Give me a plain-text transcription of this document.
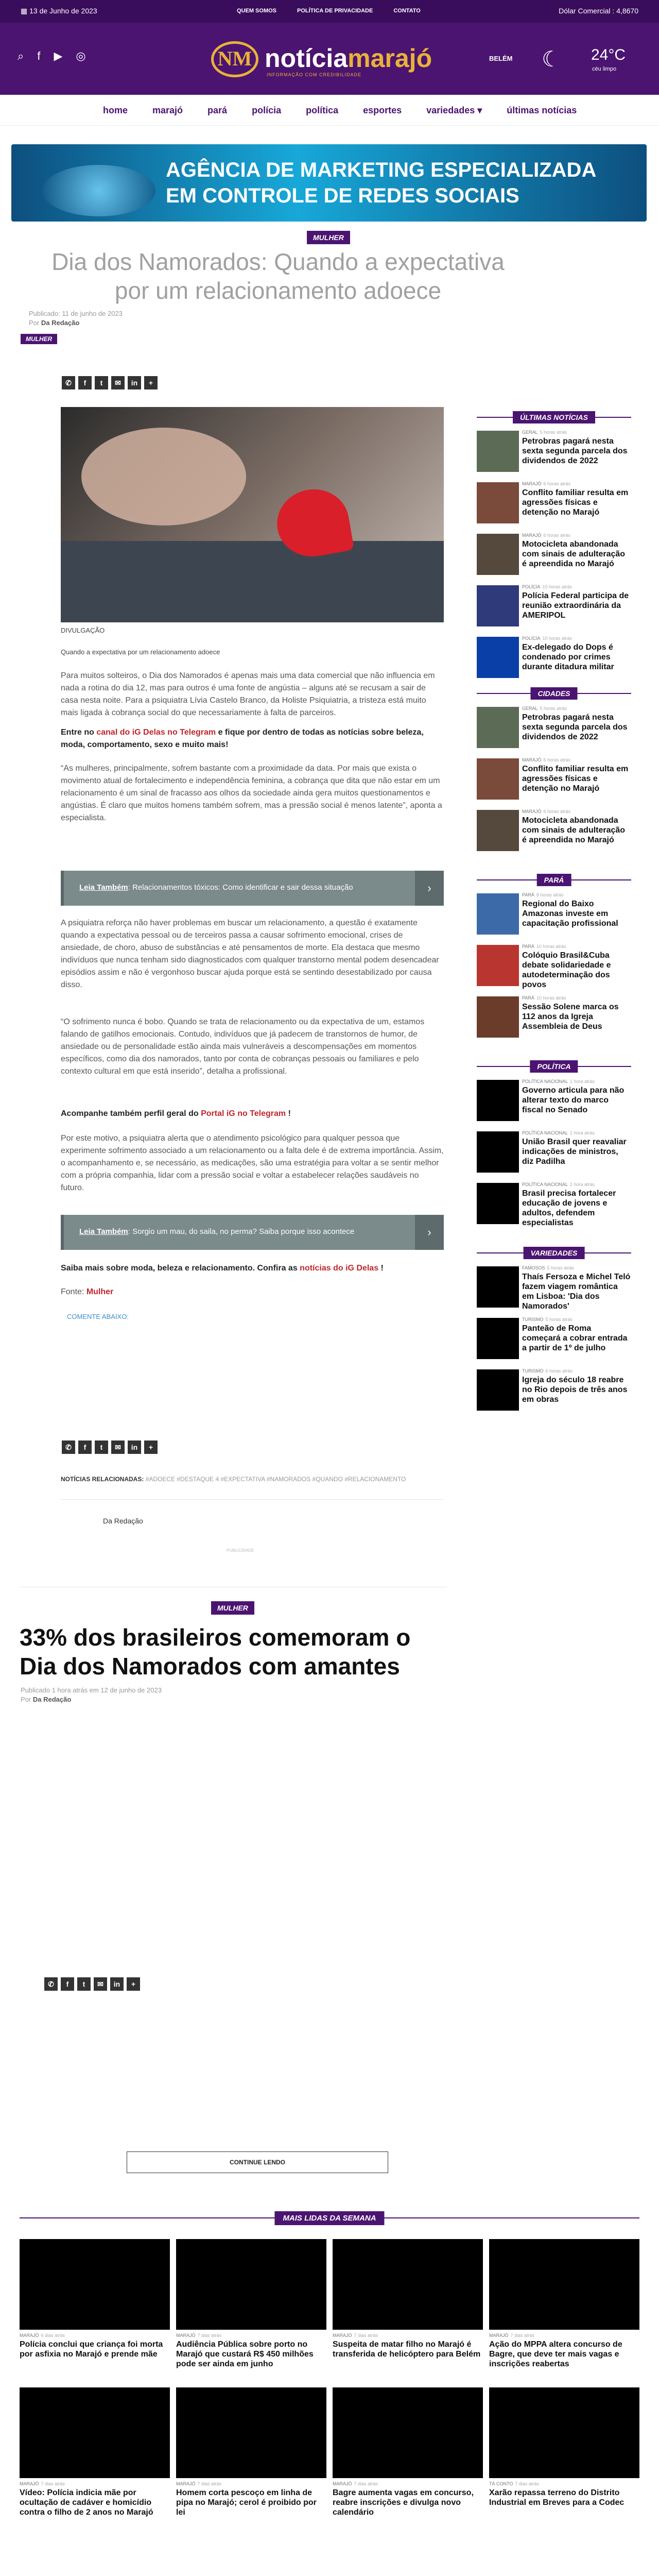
▦ 13 de Junho de 2023	QUEM SOMOS	POLÍTICA DE PRIVACIDADE	CONTATO	Dólar Comercial : 4,8670
⌕ f ▶ ◎	NM notíciamarajó
INFORMAÇÃO COM CREDIBILIDADE
BELÉM ☾ 24°C
céu limpo
home	marajó	pará	polícia	política	esportes	variedades ▾	últimas notícias
AGÊNCIA DE MARKETING ESPECIALIZADA
EM CONTROLE DE REDES SOCIAIS
MULHER
Dia dos Namorados: Quando a expectativa por um relacionamento adoece
Publicado: 11 de junho de 2023
Por Da Redação
MULHER
✆	f	t	✉	in	+
DIVULGAÇÃO
Quando a expectativa por um relacionamento adoece
Para muitos solteiros, o Dia dos Namorados é apenas mais uma data comercial que não influencia em nada a rotina do dia 12, mas para outros é uma fonte de angústia – alguns até se recusam a sair de casa nesta noite. Para a psiquiatra Lívia Castelo Branco, da Holiste Psiquiatria, a tristeza está muito mais ligada à cobrança social do que necessariamente à falta de parceiros.
Entre no canal do iG Delas no Telegram e fique por dentro de todas as notícias sobre beleza, moda, comportamento, sexo e muito mais!
“As mulheres, principalmente, sofrem bastante com a proximidade da data. Por mais que exista o movimento atual de fortalecimento e independência feminina, a cobrança que dita que não estar em um relacionamento é um sinal de fracasso aos olhos da sociedade ainda gera muitos questionamentos e angústias. É claro que muitos homens também sofrem, mas a pressão social é menos latente”, aponta a especialista.
Leia Também: Relacionamentos tóxicos: Como identificar e sair dessa situação	›
A psiquiatra reforça não haver problemas em buscar um relacionamento, a questão é exatamente quando a expectativa pessoal ou de terceiros passa a causar sofrimento emocional, crises de ansiedade, de choro, abuso de substâncias e até pensamentos de morte. Ela destaca que mesmo indivíduos que nunca tenham sido diagnosticados com qualquer transtorno mental podem desencadear episódios assim e não é vergonhoso buscar ajuda porque está se sentindo desestabilizado por causa disso.
“O sofrimento nunca é bobo. Quando se trata de relacionamento ou da expectativa de um, estamos falando de gatilhos emocionais. Contudo, indivíduos que já padecem de transtornos de humor, de ansiedade ou de personalidade estão ainda mais vulneráveis a descompensações em momentos específicos, como dia dos namorados, tanto por conta de cobranças pessoais ou familiares e pelo contexto cultural em que está inserido”, detalha a profissional.
Acompanhe também perfil geral do Portal iG no Telegram !
Por este motivo, a psiquiatra alerta que o atendimento psicológico para qualquer pessoa que experimente sofrimento associado a um relacionamento ou a falta dele é de extrema importância. Assim, o acompanhamento e, se necessário, as medicações, são uma estratégia para voltar a se sentir melhor com a própria companhia, lidar com a pressão social e voltar a estabelecer relações saudáveis no futuro.
Leia Também: Sorgio um mau, do saila, no perma? Saiba porque isso acontece	›
Saiba mais sobre moda, beleza e relacionamento. Confira as notícias do iG Delas !
Fonte: Mulher
COMENTE ABAIXO:
✆	f	t	✉	in	+
NOTÍCIAS RELACIONADAS: #ADOECE #DESTAQUE 4 #EXPECTATIVA #NAMORADOS #QUANDO #RELACIONAMENTO
Da Redação
PUBLICIDADE
MULHER
33% dos brasileiros comemoram o Dia dos Namorados com amantes
Publicado 1 hora atrás em 12 de junho de 2023
Por Da Redação
✆	f	t	✉	in	+
CONTINUE LENDO
ÚLTIMAS NOTÍCIAS
GERAL 5 horas atrás
Petrobras pagará nesta sexta segunda parcela dos dividendos de 2022
MARAJÓ 6 horas atrás
Conflito familiar resulta em agressões físicas e detenção no Marajó
MARAJÓ 6 horas atrás
Motocicleta abandonada com sinais de adulteração é apreendida no Marajó
POLÍCIA 10 horas atrás
Polícia Federal participa de reunião extraordinária da AMERIPOL
POLÍCIA 10 horas atrás
Ex-delegado do Dops é condenado por crimes durante ditadura militar
CIDADES
GERAL 5 horas atrás
Petrobras pagará nesta sexta segunda parcela dos dividendos de 2022
MARAJÓ 6 horas atrás
Conflito familiar resulta em agressões físicas e detenção no Marajó
MARAJÓ 6 horas atrás
Motocicleta abandonada com sinais de adulteração é apreendida no Marajó
PARÁ
PARÁ 8 horas atrás
Regional do Baixo Amazonas investe em capacitação profissional
PARÁ 10 horas atrás
Colóquio Brasil&Cuba debate solidariedade e autodeterminação dos povos
PARÁ 10 horas atrás
Sessão Solene marca os 112 anos da Igreja Assembleia de Deus
POLÍTICA
POLÍTICA NACIONAL 1 hora atrás
Governo articula para não alterar texto do marco fiscal no Senado
POLÍTICA NACIONAL 1 hora atrás
União Brasil quer reavaliar indicações de ministros, diz Padilha
POLÍTICA NACIONAL 1 hora atrás
Brasil precisa fortalecer educação de jovens e adultos, defendem especialistas
VARIEDADES
FAMOSOS 5 horas atrás
Thaís Fersoza e Michel Teló fazem viagem romântica em Lisboa: 'Dia dos Namorados'
TURISMO 5 horas atrás
Panteão de Roma começará a cobrar entrada a partir de 1º de julho
TURISMO 6 horas atrás
Igreja do século 18 reabre no Rio depois de três anos em obras
MAIS LIDAS DA SEMANA
MARAJÓ 6 dias atrás
Polícia conclui que criança foi morta por asfixia no Marajó e prende mãe
MARAJÓ 7 dias atrás
Audiência Pública sobre porto no Marajó que custará R$ 450 milhões pode ser ainda em junho
MARAJÓ 7 dias atrás
Suspeita de matar filho no Marajó é transferida de helicóptero para Belém
MARAJÓ 7 dias atrás
Ação do MPPA altera concurso de Bagre, que deve ter mais vagas e inscrições reabertas
MARAJÓ 7 dias atrás
Vídeo: Polícia indicia mãe por ocultação de cadáver e homicídio contra o filho de 2 anos no Marajó
MARAJÓ 7 dias atrás
Homem corta pescoço em linha de pipa no Marajó; cerol é proibido por lei
MARAJÓ 7 dias atrás
Bagre aumenta vagas em concurso, reabre inscrições e divulga novo calendário
TÁ CONTO 7 dias atrás
Xarão repassa terreno do Distrito Industrial em Breves para a Codec
